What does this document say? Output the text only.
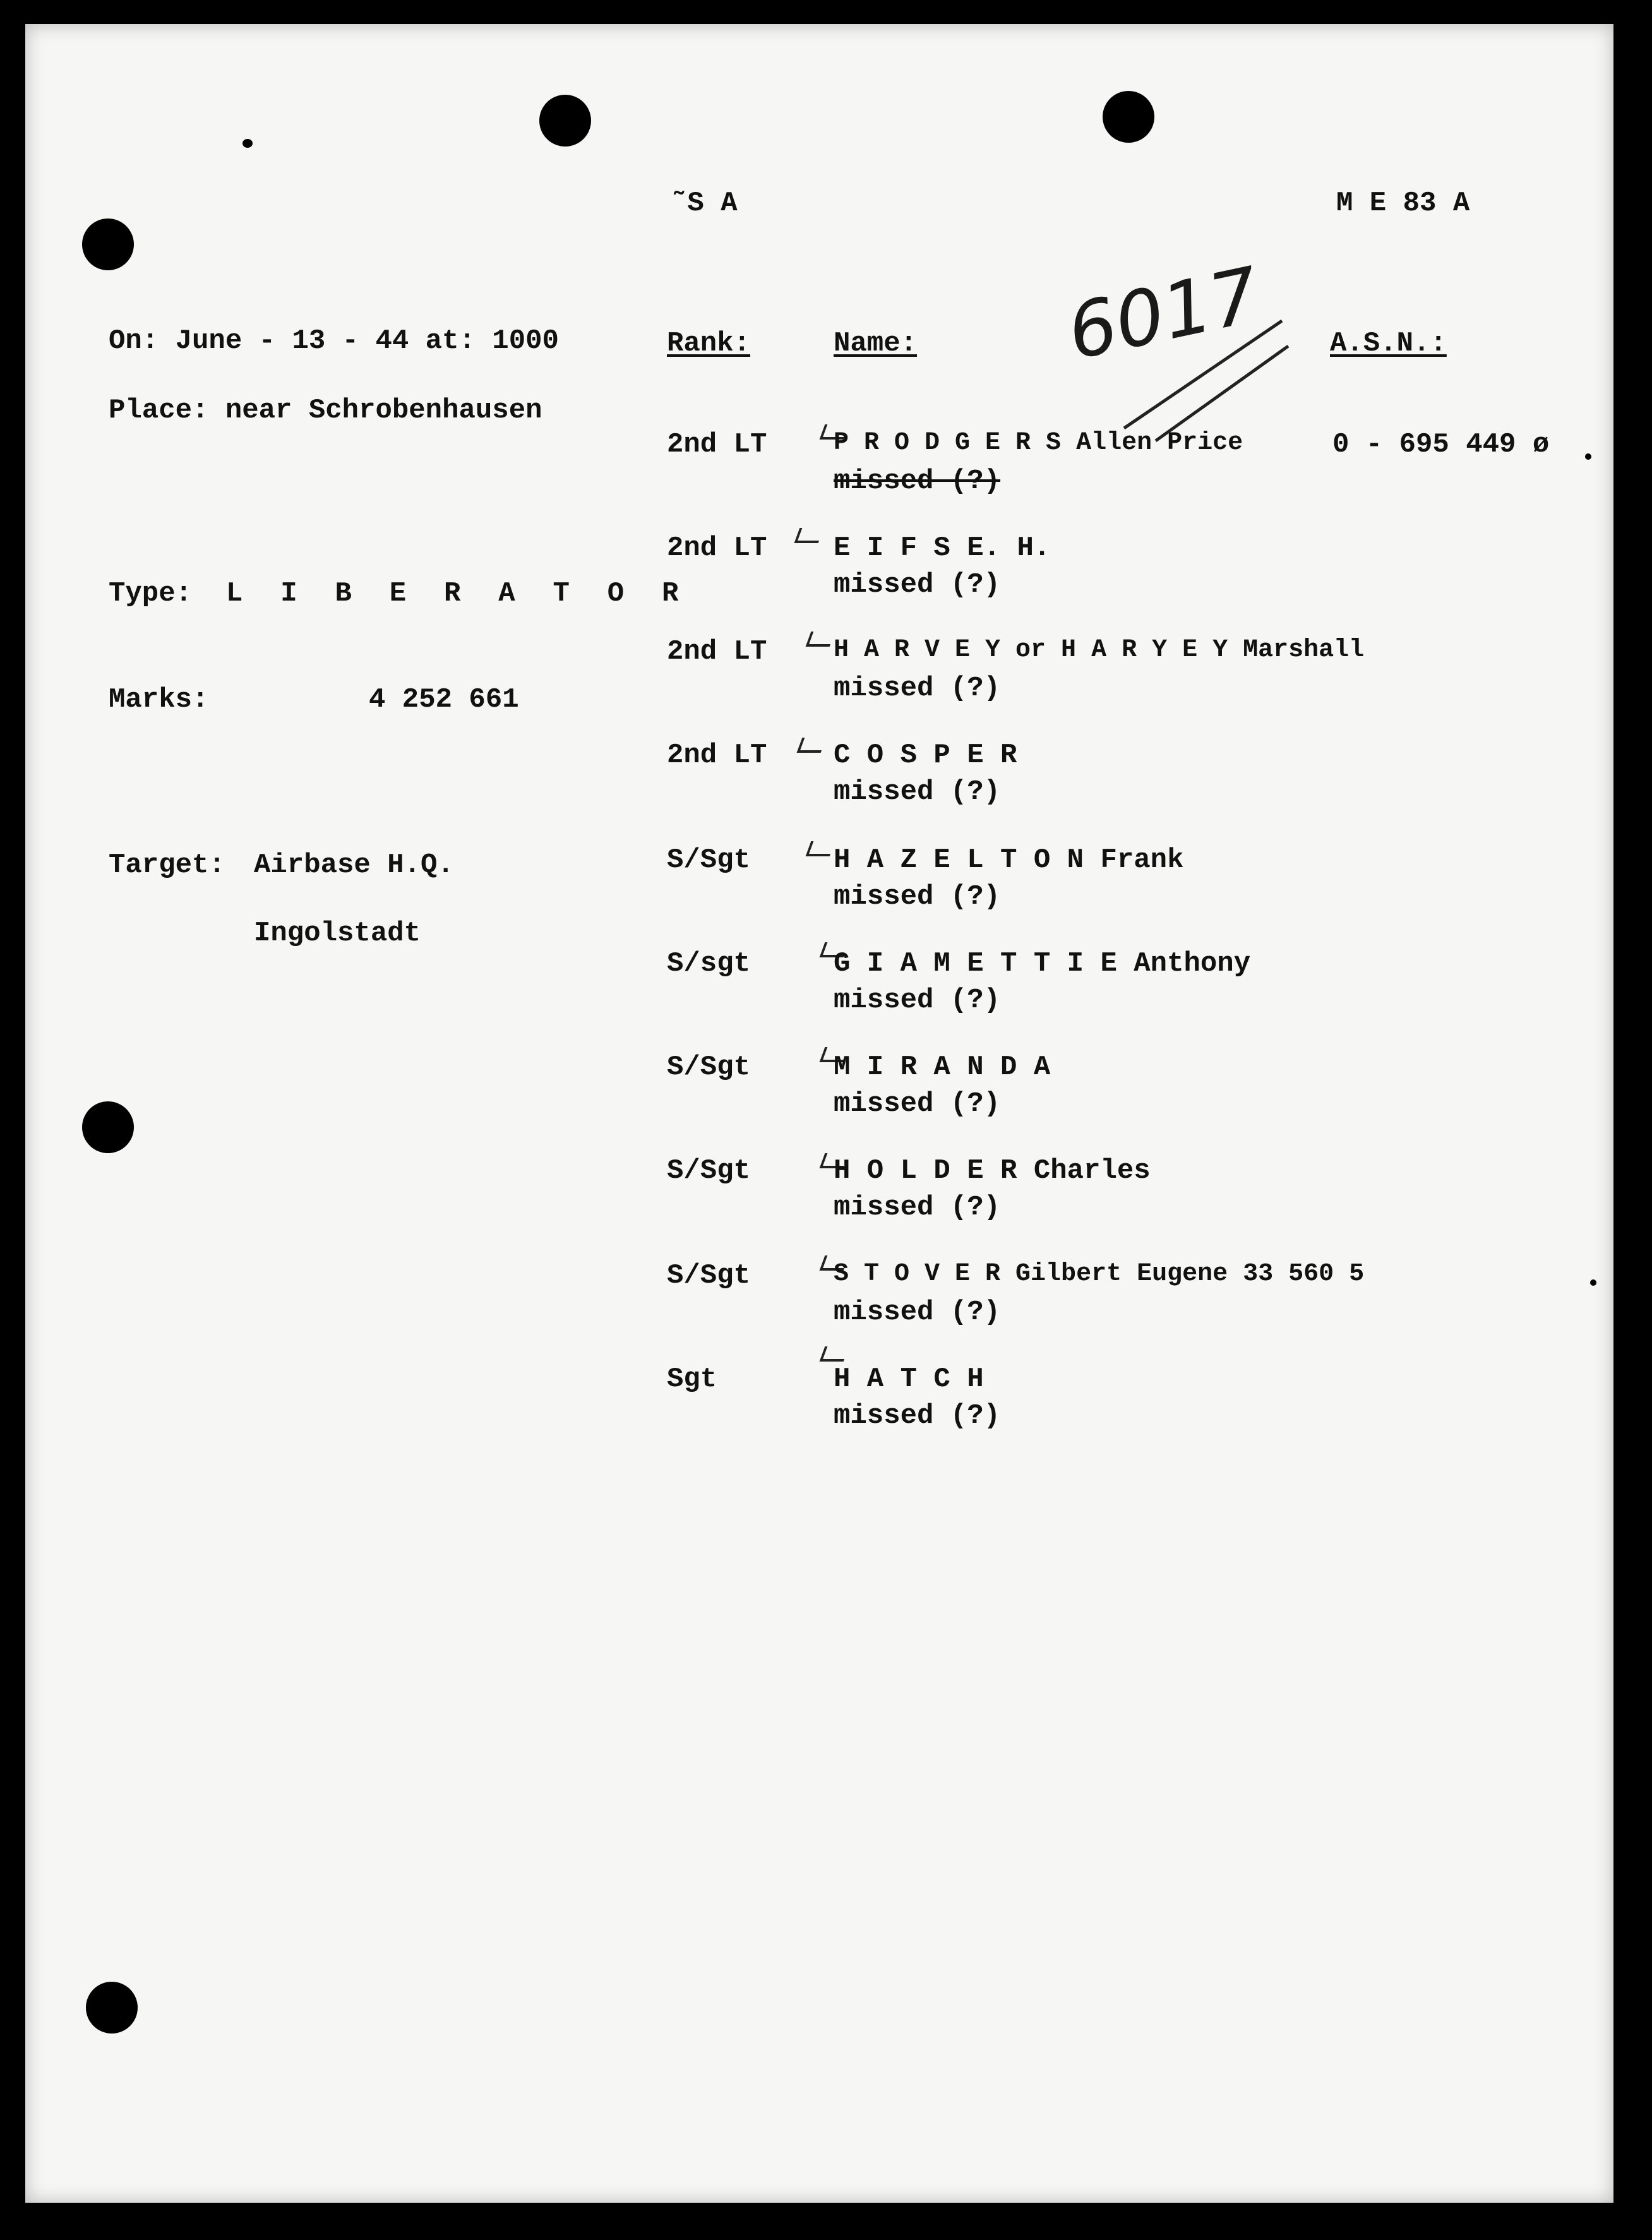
˜S A	M E 83 A
6017
On: June - 13 - 44 at: 1000
Place: near Schrobenhausen
Type: L I B E R A T O R
Marks:	4 252 661
Target: Airbase H.Q.
Ingolstadt
Rank:	Name:	A.S.N.:
2nd LT	P R O D G E R S Allen Price	0 - 695 449 ø
missed (?)
2nd LT E I F S E. H.
missed (?)
2nd LT	H A R V E Y or H A R Y E Y Marshall
missed (?)
2nd LT C O S P E R
missed (?)
S/Sgt	H A Z E L T O N Frank
missed (?)
S/sgt	G I A M E T T I E Anthony
missed (?)
S/Sgt	M I R A N D A
missed (?)
S/Sgt	H O L D E R Charles
missed (?)
S/Sgt	S T O V E R Gilbert Eugene 33 560 5
missed (?)
Sgt	H A T C H
missed (?)
